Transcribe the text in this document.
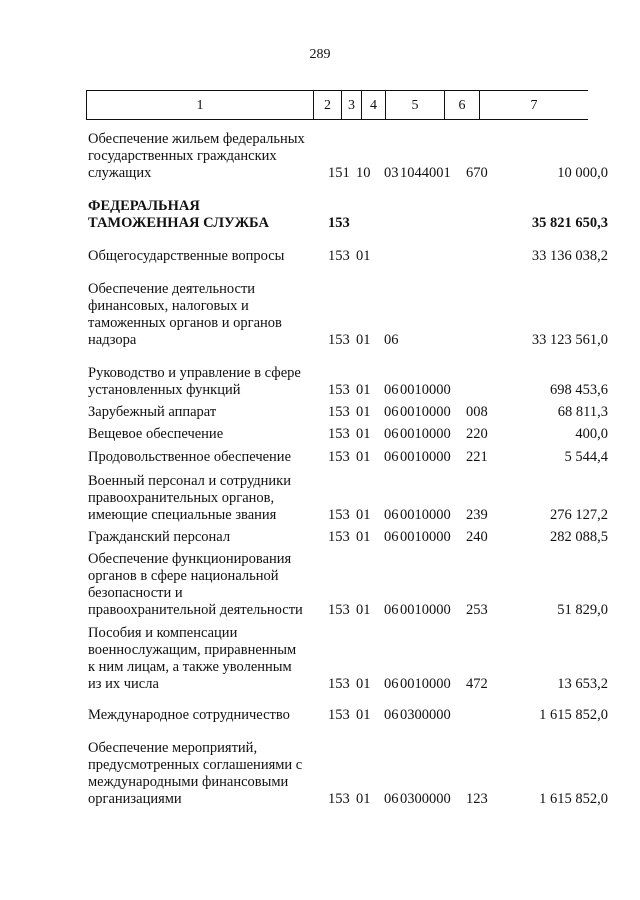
289
1	2	3	4	5	6	7
Обеспечение жильем федеральных
государственных гражданских
служащих	151 10 03 1044001 670	10 000,0
ФЕДЕРАЛЬНАЯ
ТАМОЖЕННАЯ СЛУЖБА	153	35 821 650,3
Общегосударственные вопросы	153 01	33 136 038,2
Обеспечение деятельности
финансовых, налоговых и
таможенных органов и органов
надзора	153 01 06	33 123 561,0
Руководство и управление в сфере
установленных функций	153 01 06 0010000	698 453,6
Зарубежный аппарат	153 01 06 0010000 008	68 811,3
Вещевое обеспечение	153 01 06 0010000 220	400,0
Продовольственное обеспечение	153 01 06 0010000 221	5 544,4
Военный персонал и сотрудники
правоохранительных органов,
имеющие специальные звания	153 01 06 0010000 239	276 127,2
Гражданский персонал	153 01 06 0010000 240	282 088,5
Обеспечение функционирования
органов в сфере национальной
безопасности и
правоохранительной деятельности	153 01 06 0010000 253	51 829,0
Пособия и компенсации
военнослужащим, приравненным
к ним лицам, а также уволенным
из их числа	153 01 06 0010000 472	13 653,2
Международное сотрудничество	153 01 06 0300000	1 615 852,0
Обеспечение мероприятий,
предусмотренных соглашениями с
международными финансовыми
организациями	153 01 06 0300000 123	1 615 852,0
